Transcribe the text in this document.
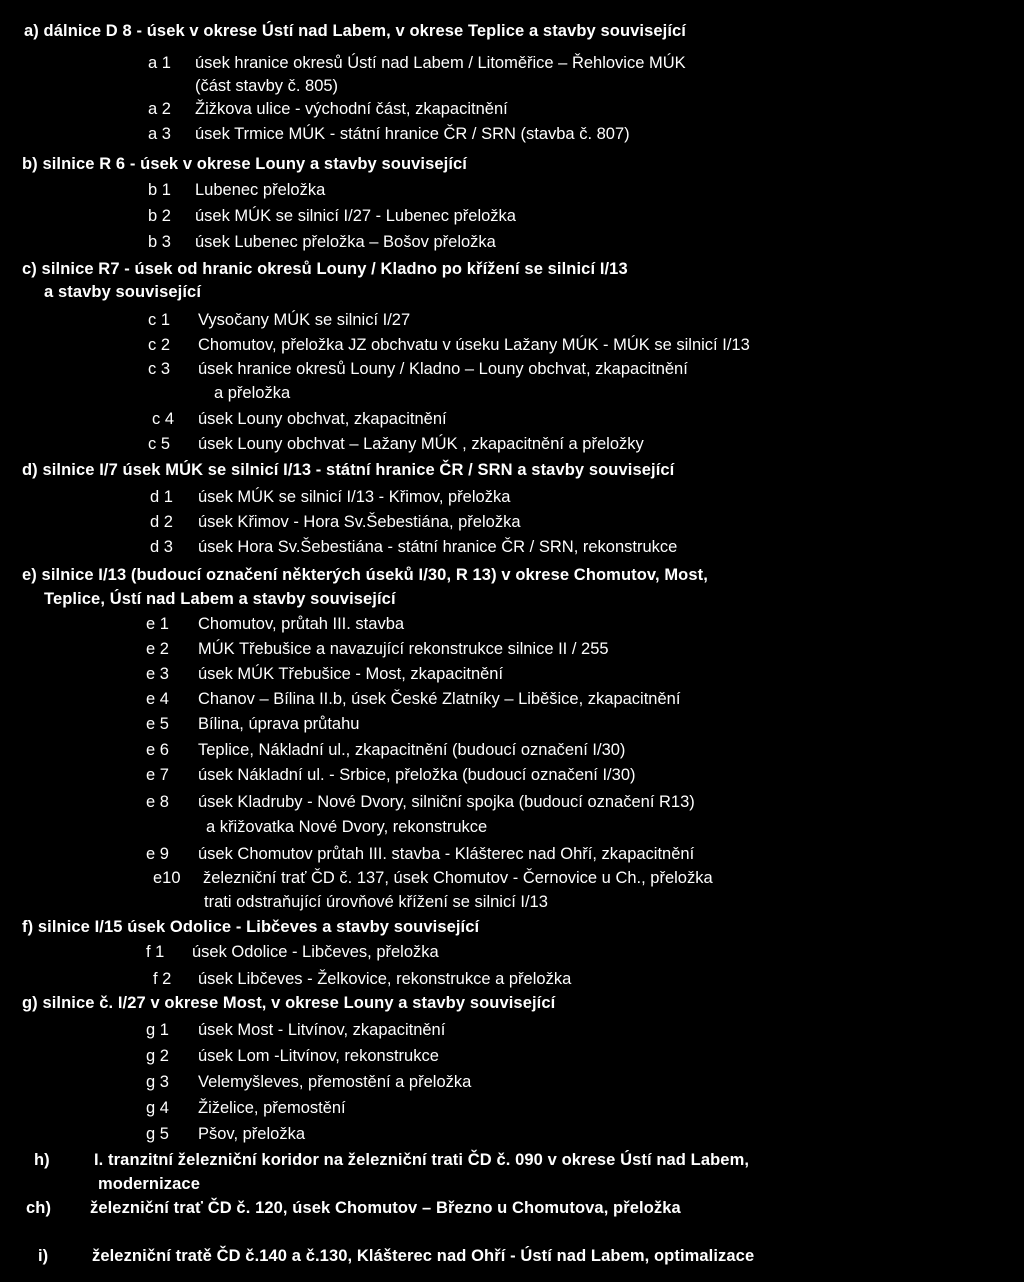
a) dálnice D 8 - úsek v okrese Ústí nad Labem, v okrese Teplice a stavby související
a 1 úsek hranice okresů Ústí nad Labem / Litoměřice – Řehlovice MÚK
(část stavby č. 805)
a 2 Žižkova ulice - východní část, zkapacitnění
a 3 úsek Trmice MÚK - státní hranice ČR / SRN (stavba č. 807)
b) silnice R 6 - úsek v okrese Louny a stavby související
b 1 Lubenec přeložka
b 2 úsek MÚK se silnicí I/27 - Lubenec přeložka
b 3 úsek Lubenec přeložka – Bošov přeložka
c) silnice R7 - úsek od hranic okresů Louny / Kladno po křížení se silnicí I/13
a stavby související
c 1 Vysočany MÚK se silnicí I/27
c 2 Chomutov, přeložka JZ obchvatu v úseku Lažany MÚK - MÚK se silnicí I/13
c 3 úsek hranice okresů Louny / Kladno – Louny obchvat, zkapacitnění
a přeložka
c 4 úsek Louny obchvat, zkapacitnění
c 5 úsek Louny obchvat – Lažany MÚK , zkapacitnění a přeložky
d) silnice I/7 úsek MÚK se silnicí I/13 - státní hranice ČR / SRN a stavby související
d 1 úsek MÚK se silnicí I/13 - Křimov, přeložka
d 2 úsek Křimov - Hora Sv.Šebestiána, přeložka
d 3 úsek Hora Sv.Šebestiána - státní hranice ČR / SRN, rekonstrukce
e) silnice I/13 (budoucí označení některých úseků I/30, R 13) v okrese Chomutov, Most,
Teplice, Ústí nad Labem a stavby související
e 1 Chomutov, průtah III. stavba
e 2 MÚK Třebušice a navazující rekonstrukce silnice II / 255
e 3 úsek MÚK Třebušice - Most, zkapacitnění
e 4 Chanov – Bílina II.b, úsek České Zlatníky – Liběšice, zkapacitnění
e 5 Bílina, úprava průtahu
e 6 Teplice, Nákladní ul., zkapacitnění (budoucí označení I/30)
e 7 úsek Nákladní ul. - Srbice, přeložka (budoucí označení I/30)
e 8 úsek Kladruby - Nové Dvory, silniční spojka (budoucí označení R13)
a křižovatka Nové Dvory, rekonstrukce
e 9 úsek Chomutov průtah III. stavba - Klášterec nad Ohří, zkapacitnění
e10 železniční trať ČD č. 137, úsek Chomutov - Černovice u Ch., přeložka
trati odstraňující úrovňové křížení se silnicí I/13
f) silnice I/15 úsek Odolice - Libčeves a stavby související
f 1 úsek Odolice - Libčeves, přeložka
f 2 úsek Libčeves - Želkovice, rekonstrukce a přeložka
g) silnice č. I/27 v okrese Most, v okrese Louny a stavby související
g 1 úsek Most - Litvínov, zkapacitnění
g 2 úsek Lom -Litvínov, rekonstrukce
g 3 Velemyšleves, přemostění a přeložka
g 4 Žiželice, přemostění
g 5 Pšov, přeložka
h)	I. tranzitní železniční koridor na železniční trati ČD č. 090 v okrese Ústí nad Labem,
modernizace
ch) železniční trať ČD č. 120, úsek Chomutov – Březno u Chomutova, přeložka
i)	železniční tratě ČD č.140 a č.130, Klášterec nad Ohří - Ústí nad Labem, optimalizace
